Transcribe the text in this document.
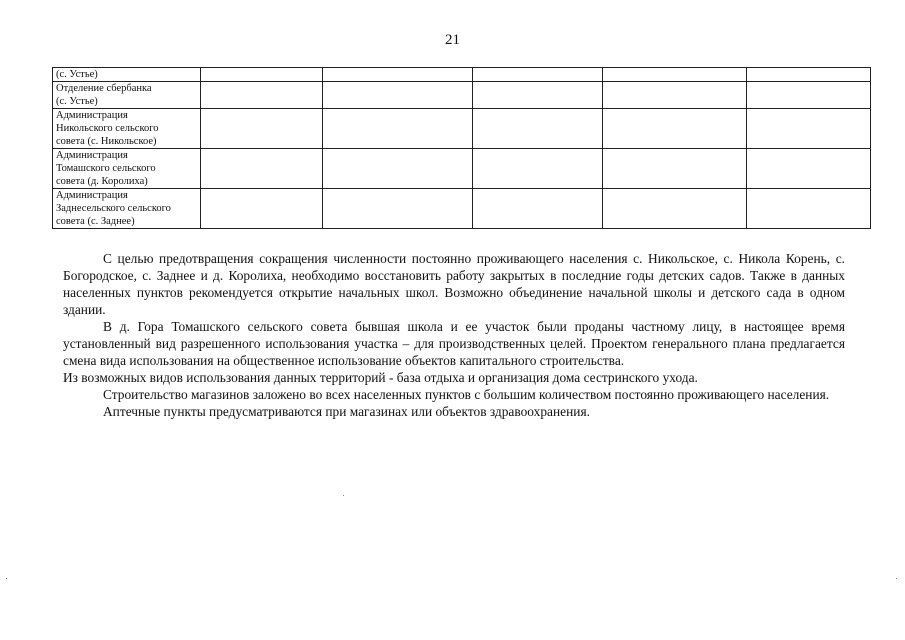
21
(с. Устье)					

Отделение сбербанка
(с. Устье)					

Администрация
Никольского сельского
совета (с. Никольское)					

Администрация
Томашского сельского
совета (д. Королиха)					

Администрация
Заднесельского сельского
совета (с. Заднее)					

С целью предотвращения сокращения численности постоянно проживающего населения с. Никольское, с. Никола Корень, с. Богородское, с. Заднее и д. Королиха, необходимо восстановить работу закрытых в последние годы детских садов. Также в данных населенных пунктов рекомендуется открытие начальных школ. Возможно объединение начальной школы и детского сада в одном здании.

В д. Гора Томашского сельского совета бывшая школа и ее участок были проданы частному лицу, в настоящее время установленный вид разрешенного использования участка – для производственных целей. Проектом генерального плана предлагается смена вида использования на общественное использование объектов капитального строительства.

Из возможных видов использования данных территорий - база отдыха и организация дома сестринского ухода.

Строительство магазинов заложено во всех населенных пунктов с большим количеством постоянно проживающего населения.

Аптечные пункты предусматриваются при магазинах или объектов здравоохранения.
